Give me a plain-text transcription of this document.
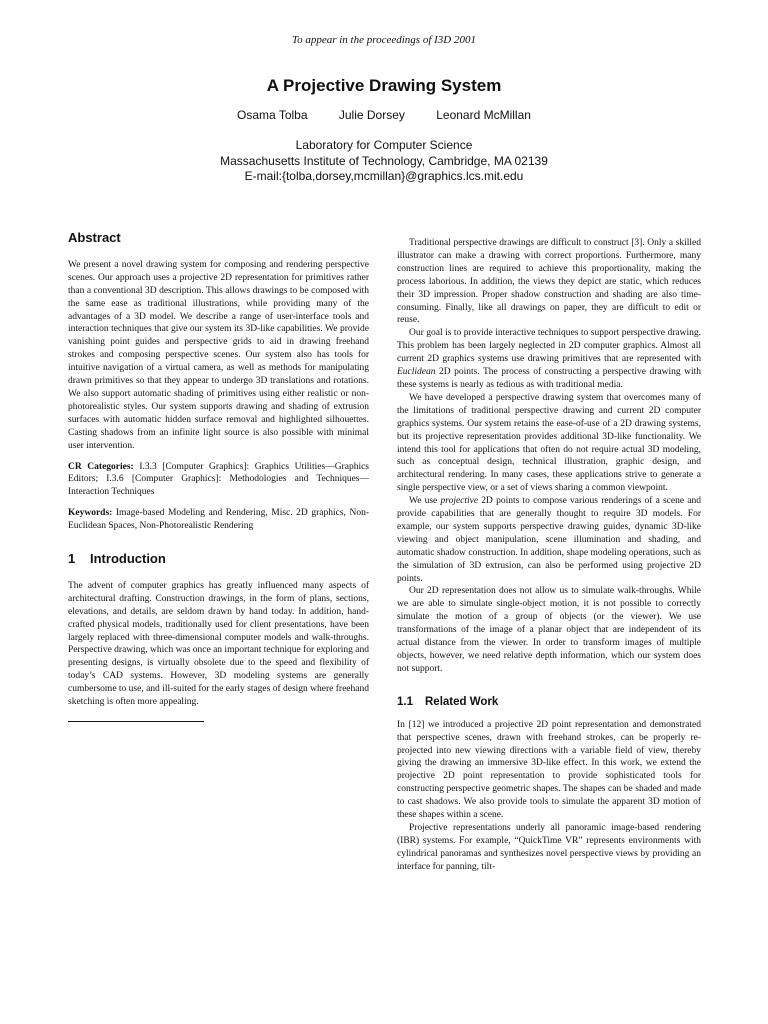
To appear in the proceedings of I3D 2001
A Projective Drawing System
Osama Tolba	Julie Dorsey	Leonard McMillan
Laboratory for Computer Science
Massachusetts Institute of Technology, Cambridge, MA 02139
E-mail:{tolba,dorsey,mcmillan}@graphics.lcs.mit.edu
Abstract

We present a novel drawing system for composing and rendering perspective scenes. Our approach uses a projective 2D representation for primitives rather than a conventional 3D description. This allows drawings to be composed with the same ease as traditional illustrations, while providing many of the advantages of a 3D model. We describe a range of user-interface tools and interaction techniques that give our system its 3D-like capabilities. We provide vanishing point guides and perspective grids to aid in drawing freehand strokes and composing perspective scenes. Our system also has tools for intuitive navigation of a virtual camera, as well as methods for manipulating drawn primitives so that they appear to undergo 3D translations and rotations. We also support automatic shading of primitives using either realistic or non-photorealistic styles. Our system supports drawing and shading of extrusion surfaces with automatic hidden surface removal and highlighted silhouettes. Casting shadows from an infinite light source is also possible with minimal user intervention.

CR Categories: I.3.3 [Computer Graphics]: Graphics Utilities—Graphics Editors; I.3.6 [Computer Graphics]: Methodologies and Techniques—Interaction Techniques

Keywords: Image-based Modeling and Rendering, Misc. 2D graphics, Non-Euclidean Spaces, Non-Photorealistic Rendering

1 Introduction

The advent of computer graphics has greatly influenced many aspects of architectural drafting. Construction drawings, in the form of plans, sections, elevations, and details, are seldom drawn by hand today. In addition, hand-crafted physical models, traditionally used for client presentations, have been largely replaced with three-dimensional computer models and walk-throughs. Perspective drawing, which was once an important technique for exploring and presenting designs, is virtually obsolete due to the speed and flexibility of today’s CAD systems. However, 3D modeling systems are generally cumbersome to use, and ill-suited for the early stages of design where freehand sketching is often more appealing.

Traditional perspective drawings are difficult to construct [3]. Only a skilled illustrator can make a drawing with correct proportions. Furthermore, many construction lines are required to achieve this proportionality, making the process laborious. In addition, the views they depict are static, which reduces their 3D impression. Proper shadow construction and shading are also time-consuming. Finally, like all drawings on paper, they are difficult to edit or reuse.

Our goal is to provide interactive techniques to support perspective drawing. This problem has been largely neglected in 2D computer graphics. Almost all current 2D graphics systems use drawing primitives that are represented with Euclidean 2D points. The process of constructing a perspective drawing with these systems is nearly as tedious as with traditional media.

We have developed a perspective drawing system that overcomes many of the limitations of traditional perspective drawing and current 2D computer graphics systems. Our system retains the ease-of-use of a 2D drawing systems, but its projective representation provides additional 3D-like functionality. We intend this tool for applications that often do not require actual 3D modeling, such as conceptual design, technical illustration, graphic design, and architectural rendering. In many cases, these applications strive to generate a single perspective view, or a set of views sharing a common viewpoint.

We use projective 2D points to compose various renderings of a scene and provide capabilities that are generally thought to require 3D models. For example, our system supports perspective drawing guides, dynamic 3D-like viewing and object manipulation, scene illumination and shading, and automatic shadow construction. In addition, shape modeling operations, such as the simulation of 3D extrusion, can also be performed using projective 2D points.

Our 2D representation does not allow us to simulate walk-throughs. While we are able to simulate single-object motion, it is not possible to correctly simulate the motion of a group of objects (or the viewer). We use transformations of the image of a planar object that are independent of its actual distance from the viewer. In order to transform images of multiple objects, however, we need relative depth information, which our system does not support.

1.1 Related Work

In [12] we introduced a projective 2D point representation and demonstrated that perspective scenes, drawn with freehand strokes, can be properly re-projected into new viewing directions with a variable field of view, thereby giving the drawing an immersive 3D-like effect. In this work, we extend the projective 2D point representation to provide sophisticated tools for constructing perspective geometric shapes. The shapes can be shaded and made to cast shadows. We also provide tools to simulate the apparent 3D motion of these shapes within a scene.

Projective representations underly all panoramic image-based rendering (IBR) systems. For example, “QuickTime VR” represents environments with cylindrical panoramas and synthesizes novel perspective views by providing an interface for panning, tilt-
